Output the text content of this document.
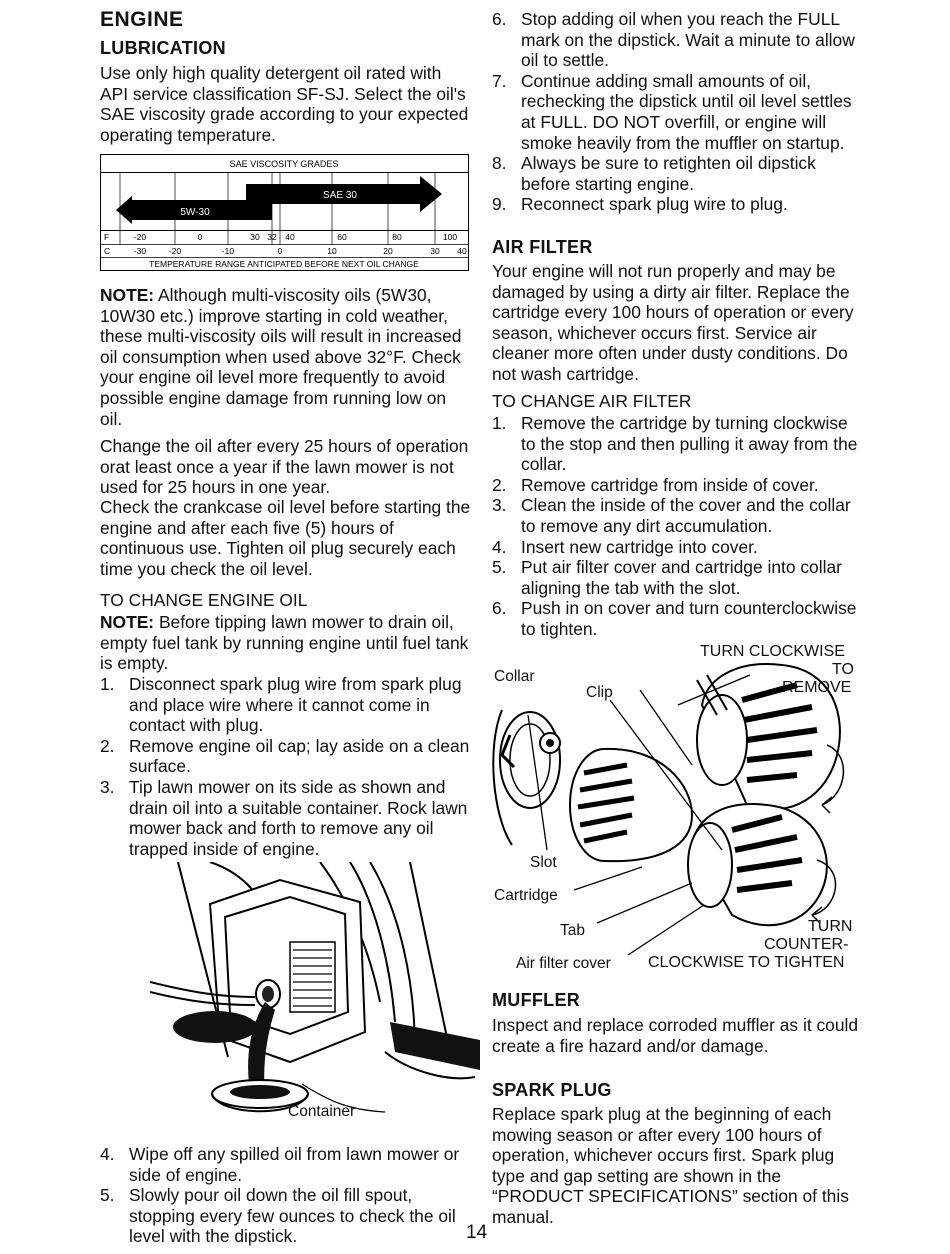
ENGINE
LUBRICATION

Use only high quality detergent oil rated with API service classification SF-SJ. Select the oil's SAE viscosity grade according to your expected operating temperature.

SAE VISCOSITY GRADES
5W-30
SAE 30
F	-20	0	30 32 40	60	80	100
C	-30	-20	-10	0	10	20	30 40
TEMPERATURE RANGE ANTICIPATED BEFORE NEXT OIL CHANGE

NOTE: Although multi-viscosity oils (5W30, 10W30 etc.) improve starting in cold weather, these multi-viscosity oils will result in increased oil consumption when used above 32°F. Check your engine oil level more frequently to avoid possible engine damage from running low on oil.

Change the oil after every 25 hours of operation orat least once a year if the lawn mower is not used for 25 hours in one year.

Check the crankcase oil level before starting the engine and after each five (5) hours of continuous use. Tighten oil plug securely each time you check the oil level.

TO CHANGE ENGINE OIL

NOTE: Before tipping lawn mower to drain oil, empty fuel tank by running engine until fuel tank is empty.

1. Disconnect spark plug wire from spark plug and place wire where it cannot come in contact with plug.
2. Remove engine oil cap; lay aside on a clean surface.
3. Tip lawn mower on its side as shown and drain oil into a suitable container. Rock lawn mower back and forth to remove any oil trapped inside of engine.
Container
4. Wipe off any spilled oil from lawn mower or side of engine.
5. Slowly pour oil down the oil fill spout, stopping every few ounces to check the oil level with the dipstick.
6. Stop adding oil when you reach the FULL mark on the dipstick. Wait a minute to allow oil to settle.
7. Continue adding small amounts of oil, rechecking the dipstick until oil level settles at FULL. DO NOT overfill, or engine will smoke heavily from the muffler on startup.
8. Always be sure to retighten oil dipstick before starting engine.
9. Reconnect spark plug wire to plug.
AIR FILTER

Your engine will not run properly and may be damaged by using a dirty air filter. Replace the cartridge every 100 hours of operation or every season, whichever occurs first. Service air cleaner more often under dusty conditions. Do not wash cartridge.

TO CHANGE AIR FILTER

1. Remove the cartridge by turning clockwise to the stop and then pulling it away from the collar.
2. Remove cartridge from inside of cover.
3. Clean the inside of the cover and the collar to remove any dirt accumulation.
4. Insert new cartridge into cover.
5. Put air filter cover and cartridge into collar aligning the tab with the slot.
6. Push in on cover and turn counterclockwise to tighten.
TURN CLOCKWISE
TO
REMOVE
Collar
Clip
Slot
Cartridge
Tab	TURN
COUNTER-
Air filter cover CLOCKWISE TO TIGHTEN
MUFFLER

Inspect and replace corroded muffler as it could create a fire hazard and/or damage.

SPARK PLUG

Replace spark plug at the beginning of each mowing season or after every 100 hours of operation, whichever occurs first. Spark plug type and gap setting are shown in the “PRODUCT SPECIFICATIONS” section of this manual.

14
